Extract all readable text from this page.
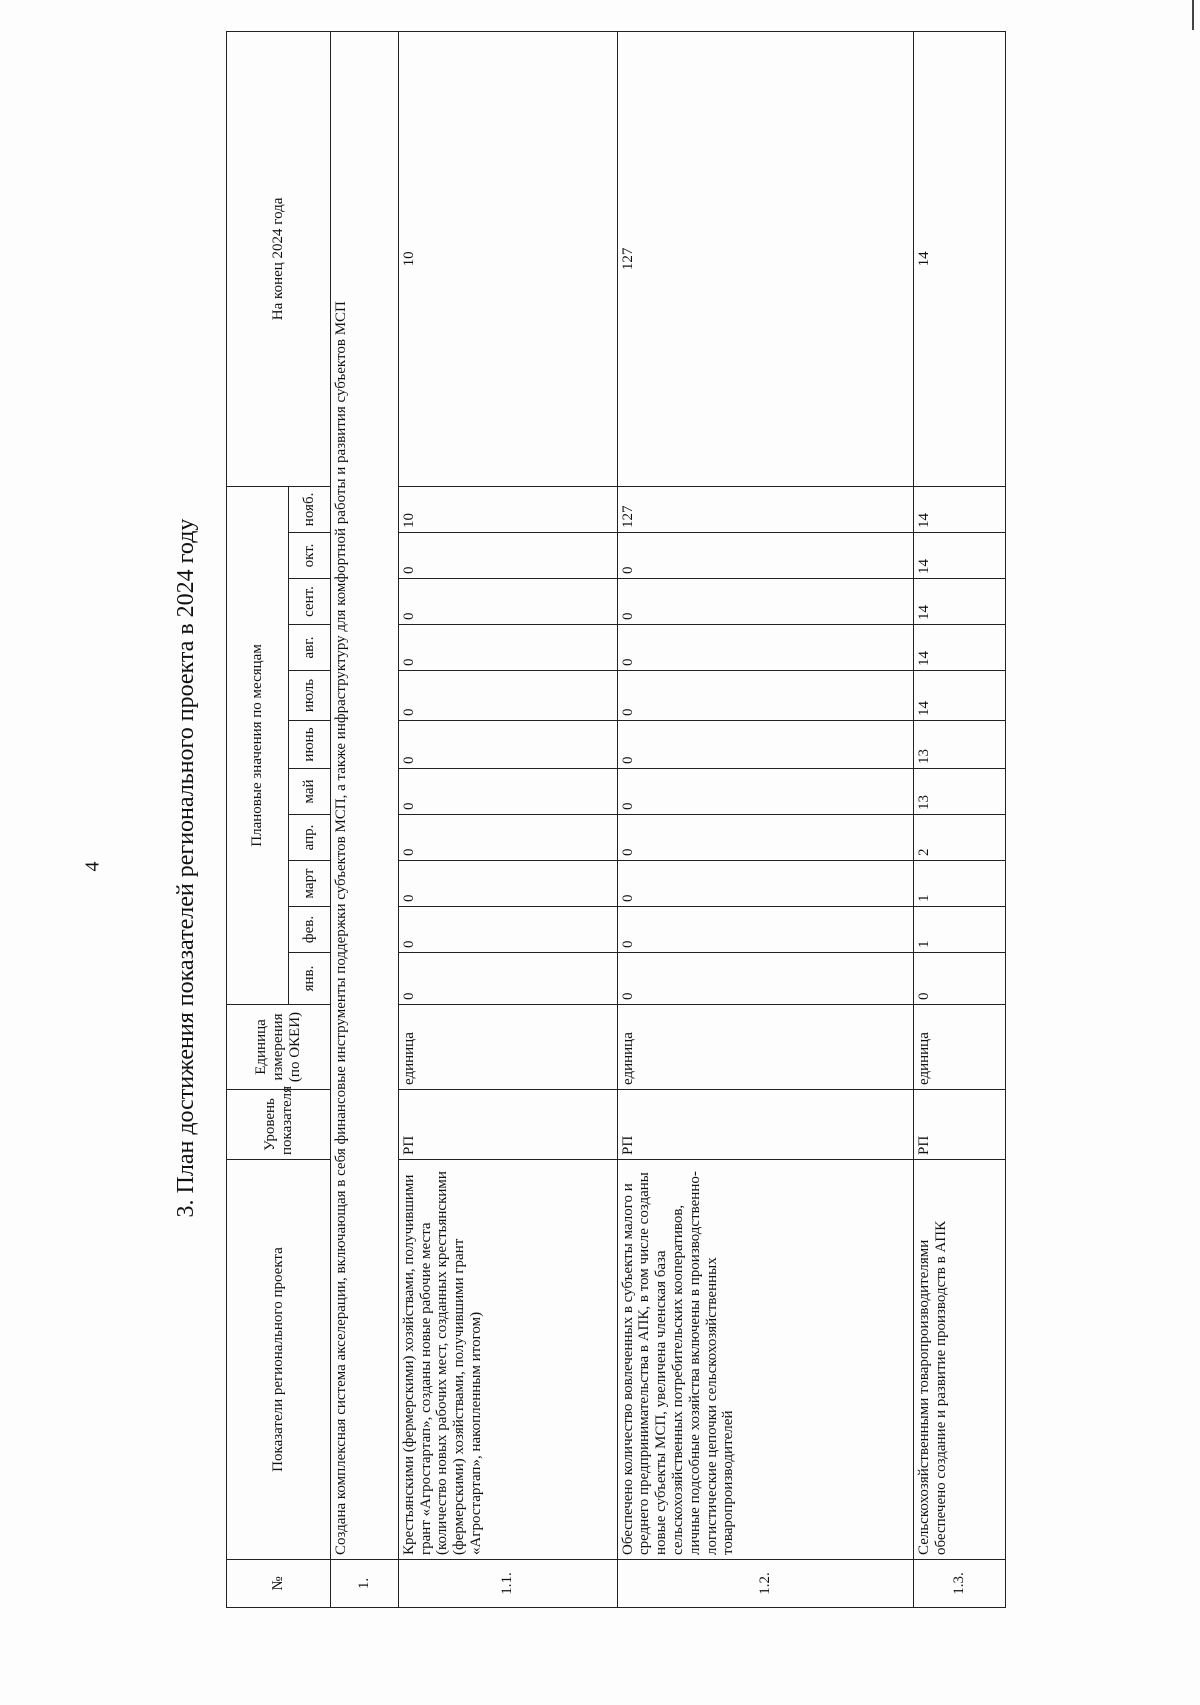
4	3. План достижения показателей регионального проекта в 2024 году
№	Показатели регионального проекта	Уровень показателя	Единица измерения (по ОКЕИ)	Плановые значения по месяцам											На конец 2024 года
				янв.	фев.	март	апр.	май	июнь	июль	авг.	сент.	окт.	нояб.	
1.	Создана комплексная система акселерации, включающая в себя финансовые инструменты поддержки субъектов МСП, а также инфраструктуру для комфортной работы и развития субъектов МСП														
1.1.	Крестьянскими (фермерскими) хозяйствами, получившими грант «Агростартап», созданы новые рабочие места (количество новых рабочих мест, созданных крестьянскими (фермерскими) хозяйствами, получившими грант «Агростартап», накопленным итогом)	РП	единица	0	0	0	0	0	0	0	0	0	0	10	10
1.2.	Обеспечено количество вовлеченных в субъекты малого и среднего предпринимательства в АПК, в том числе созданы новые субъекты МСП, увеличена членская база сельскохозяйственных потребительских кооперативов, личные подсобные хозяйства включены в производственно-логистические цепочки сельскохозяйственных товаропроизводителей	РП	единица	0	0	0	0	0	0	0	0	0	0	127	127
1.3.	Сельскохозяйственными товаропроизводителями обеспечено создание и развитие производств в АПК	РП	единица	0	1	1	2	13	13	14	14	14	14	14	14
